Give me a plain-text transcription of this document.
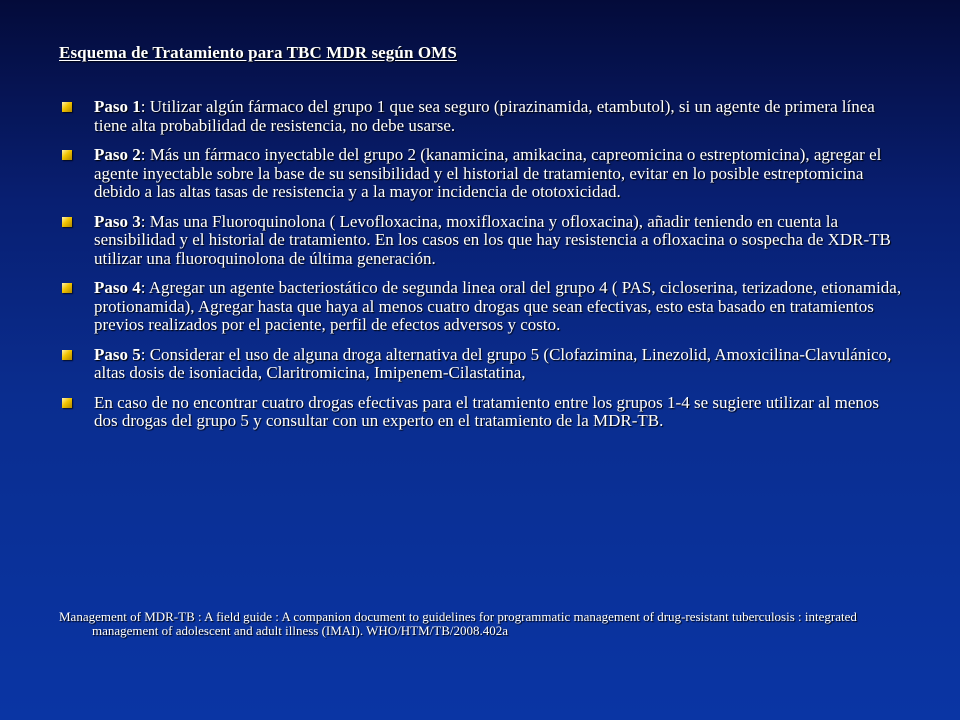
Esquema de Tratamiento para TBC MDR según OMS
Paso 1: Utilizar algún fármaco del grupo 1 que sea seguro (pirazinamida, etambutol), si un agente de primera línea tiene alta probabilidad de resistencia, no debe usarse.
Paso 2: Más un fármaco inyectable del grupo 2 (kanamicina, amikacina, capreomicina o estreptomicina), agregar el agente inyectable sobre la base de su sensibilidad y el historial de tratamiento, evitar en lo posible estreptomicina debido a las altas tasas de resistencia y a la mayor incidencia de ototoxicidad.
Paso 3: Mas una Fluoroquinolona ( Levofloxacina, moxifloxacina y ofloxacina), añadir teniendo en cuenta la sensibilidad y el historial de tratamiento. En los casos en los que hay resistencia a ofloxacina o sospecha de XDR-TB utilizar una fluoroquinolona de última generación.
Paso 4: Agregar un agente bacteriostático de segunda linea oral del grupo 4 ( PAS, cicloserina, terizadone, etionamida, protionamida), Agregar hasta que haya al menos cuatro drogas que sean efectivas, esto esta basado en tratamientos previos realizados por el paciente, perfil de efectos adversos y costo.
Paso 5: Considerar el uso de alguna droga alternativa del grupo 5 (Clofazimina, Linezolid, Amoxicilina-Clavulánico, altas dosis de isoniacida, Claritromicina, Imipenem-Cilastatina,
En caso de no encontrar cuatro drogas efectivas para el tratamiento entre los grupos 1-4 se sugiere utilizar al menos dos drogas del grupo 5 y consultar con un experto en el tratamiento de la MDR-TB.
Management of MDR-TB : A field guide : A companion document to guidelines for programmatic management of drug-resistant tuberculosis : integrated management of adolescent and adult illness (IMAI). WHO/HTM/TB/2008.402a
